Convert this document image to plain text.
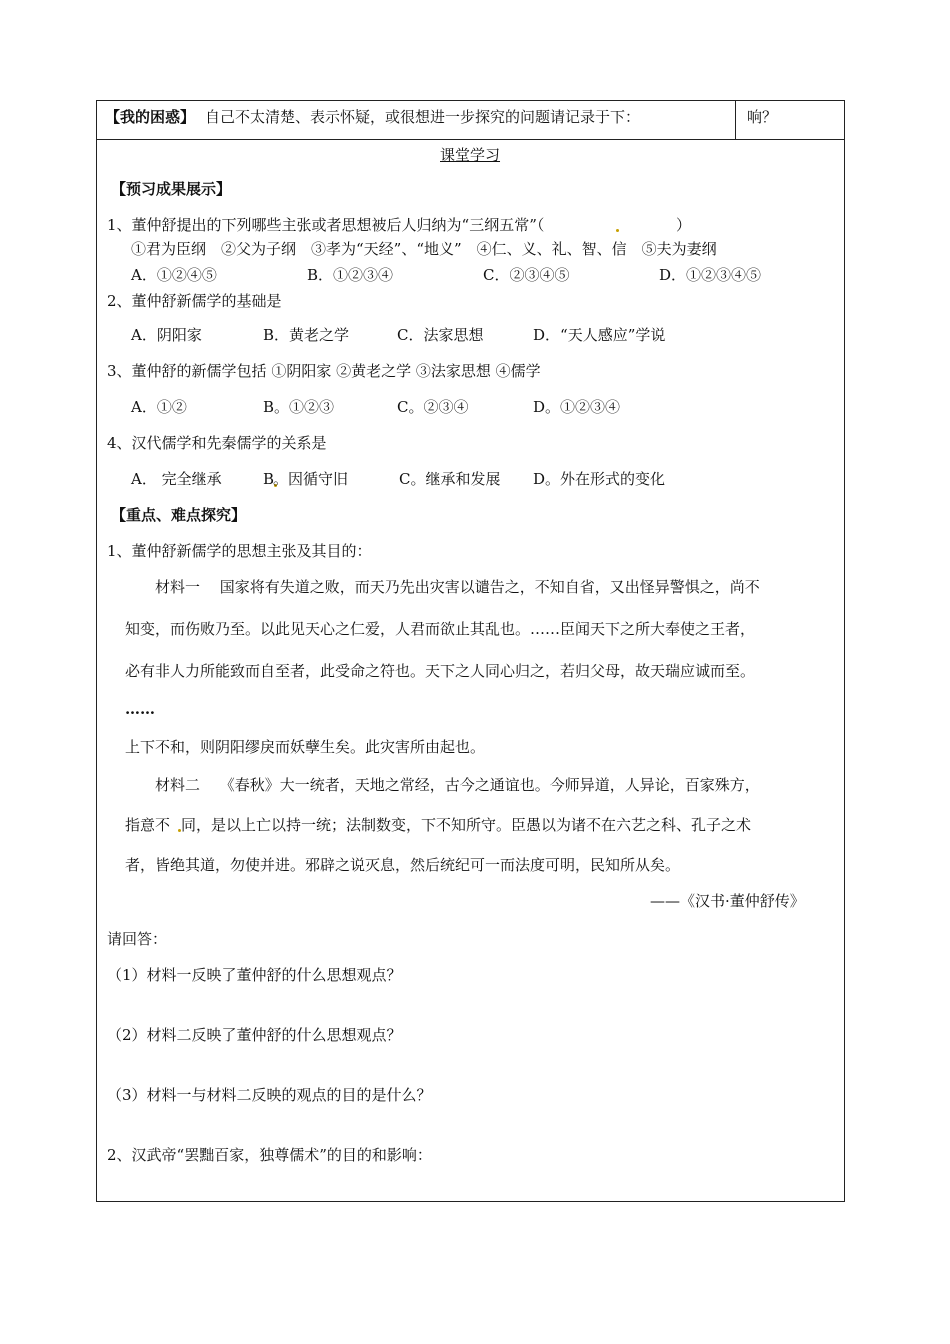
【我的困惑】 自己不太清楚、表示怀疑，或很想进一步探究的问题请记录于下：	响？
课堂学习
【预习成果展示】
1、董仲舒提出的下列哪些主张或者思想被后人归纳为“三纲五常”（	）
①君为臣纲　②父为子纲　③孝为“天经”、“地义”　④仁、义、礼、智、信　⑤夫为妻纲
A．①②④⑤	B．①②③④	C．②③④⑤	D．①②③④⑤
2、董仲舒新儒学的基础是
A．阴阳家	B．黄老之学	C．法家思想	D．“天人感应”学说
3、董仲舒的新儒学包括 ①阴阳家 ②黄老之学 ③法家思想 ④儒学
A．①②	B。①②③	C。②③④	D。①②③④
4、汉代儒学和先秦儒学的关系是
A． 完全继承	B
。因循守旧	C。继承和发展 D。外在形式的变化
【重点、难点探究】
1、董仲舒新儒学的思想主张及其目的：
材料一　 国家将有失道之败，而天乃先出灾害以谴告之，不知自省，又出怪异警惧之，尚不
知变，而伤败乃至。以此见天心之仁爱，人君而欲止其乱也。……臣闻天下之所大奉使之王者，
必有非人力所能致而自至者，此受命之符也。天下之人同心归之，若归父母，故天瑞应诚而至。
……
上下不和，则阴阳缪戾而妖孽生矣。此灾害所由起也。
材料二　 《春秋》大一统者，天地之常经，古今之通谊也。今师异道，人异论，百家殊方，
指意不 同，是以上亡以持一统；法制数变，下不知所守。臣愚以为诸不在六艺之科、孔子之术
者，皆绝其道，勿使并进。邪辟之说灭息，然后统纪可一而法度可明，民知所从矣。
——《汉书·董仲舒传》
请回答：
（1）材料一反映了董仲舒的什么思想观点？
（2）材料二反映了董仲舒的什么思想观点？
（3）材料一与材料二反映的观点的目的是什么？
2、汉武帝“罢黜百家，独尊儒术”的目的和影响：
